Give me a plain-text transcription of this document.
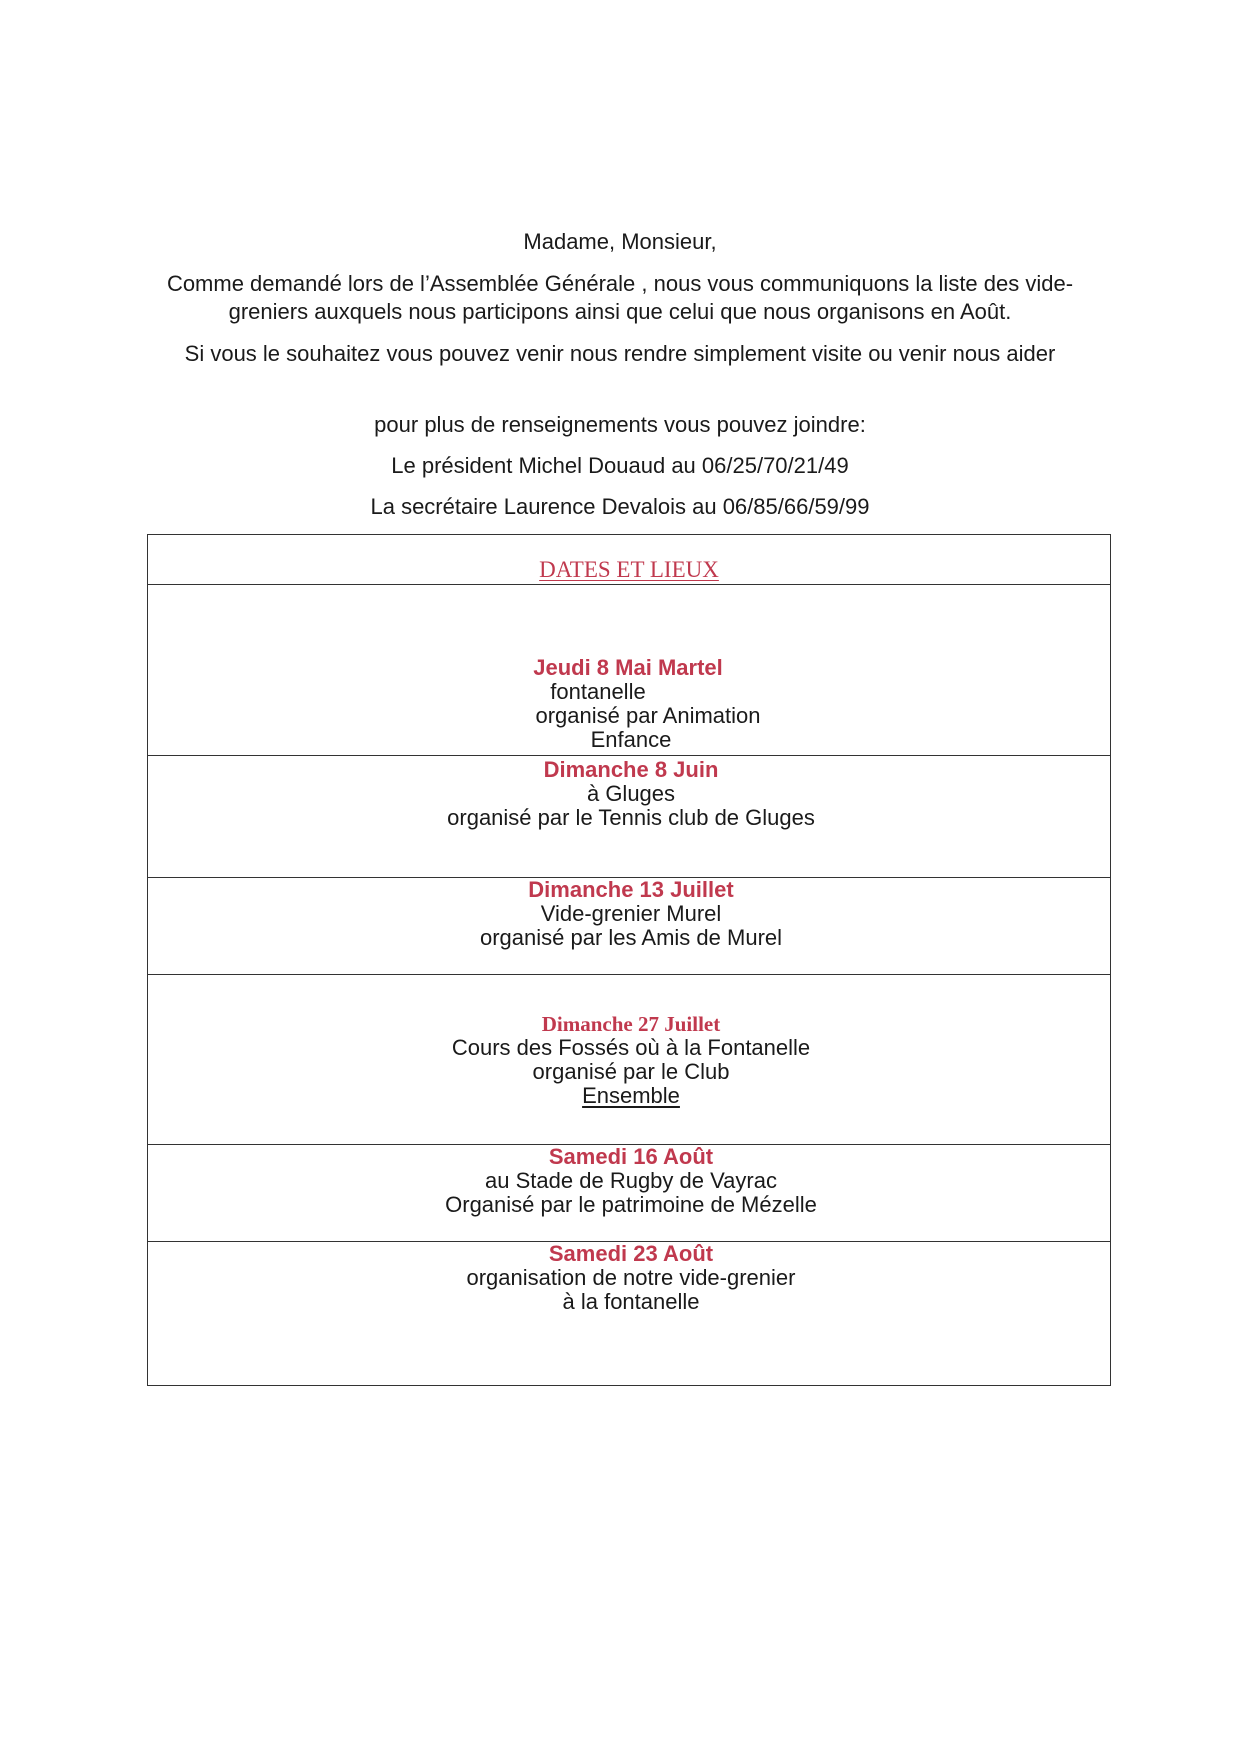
Madame, Monsieur,
Comme demandé lors de l’Assemblée Générale , nous vous communiquons la liste des vide-greniers auxquels nous participons ainsi que celui que nous organisons en Août.
Si vous le souhaitez vous pouvez venir nous rendre simplement visite ou venir nous aider
pour plus de renseignements vous pouvez joindre:
Le président Michel Douaud au 06/25/70/21/49
La secrétaire Laurence Devalois au 06/85/66/59/99
DATES ET LIEUX
Jeudi 8 Mai Martel
fontanelle
organisé par Animation
Enfance
Dimanche 8 Juin
à Gluges
organisé par le Tennis club de Gluges
Dimanche 13 Juillet
Vide-grenier Murel
organisé par les Amis de Murel
Dimanche 27 Juillet
Cours des Fossés où à la Fontanelle
organisé par le Club
Ensemble
Samedi 16 Août
au Stade de Rugby de Vayrac
Organisé par le patrimoine de Mézelle
Samedi 23 Août
organisation de notre vide-grenier
à la fontanelle
